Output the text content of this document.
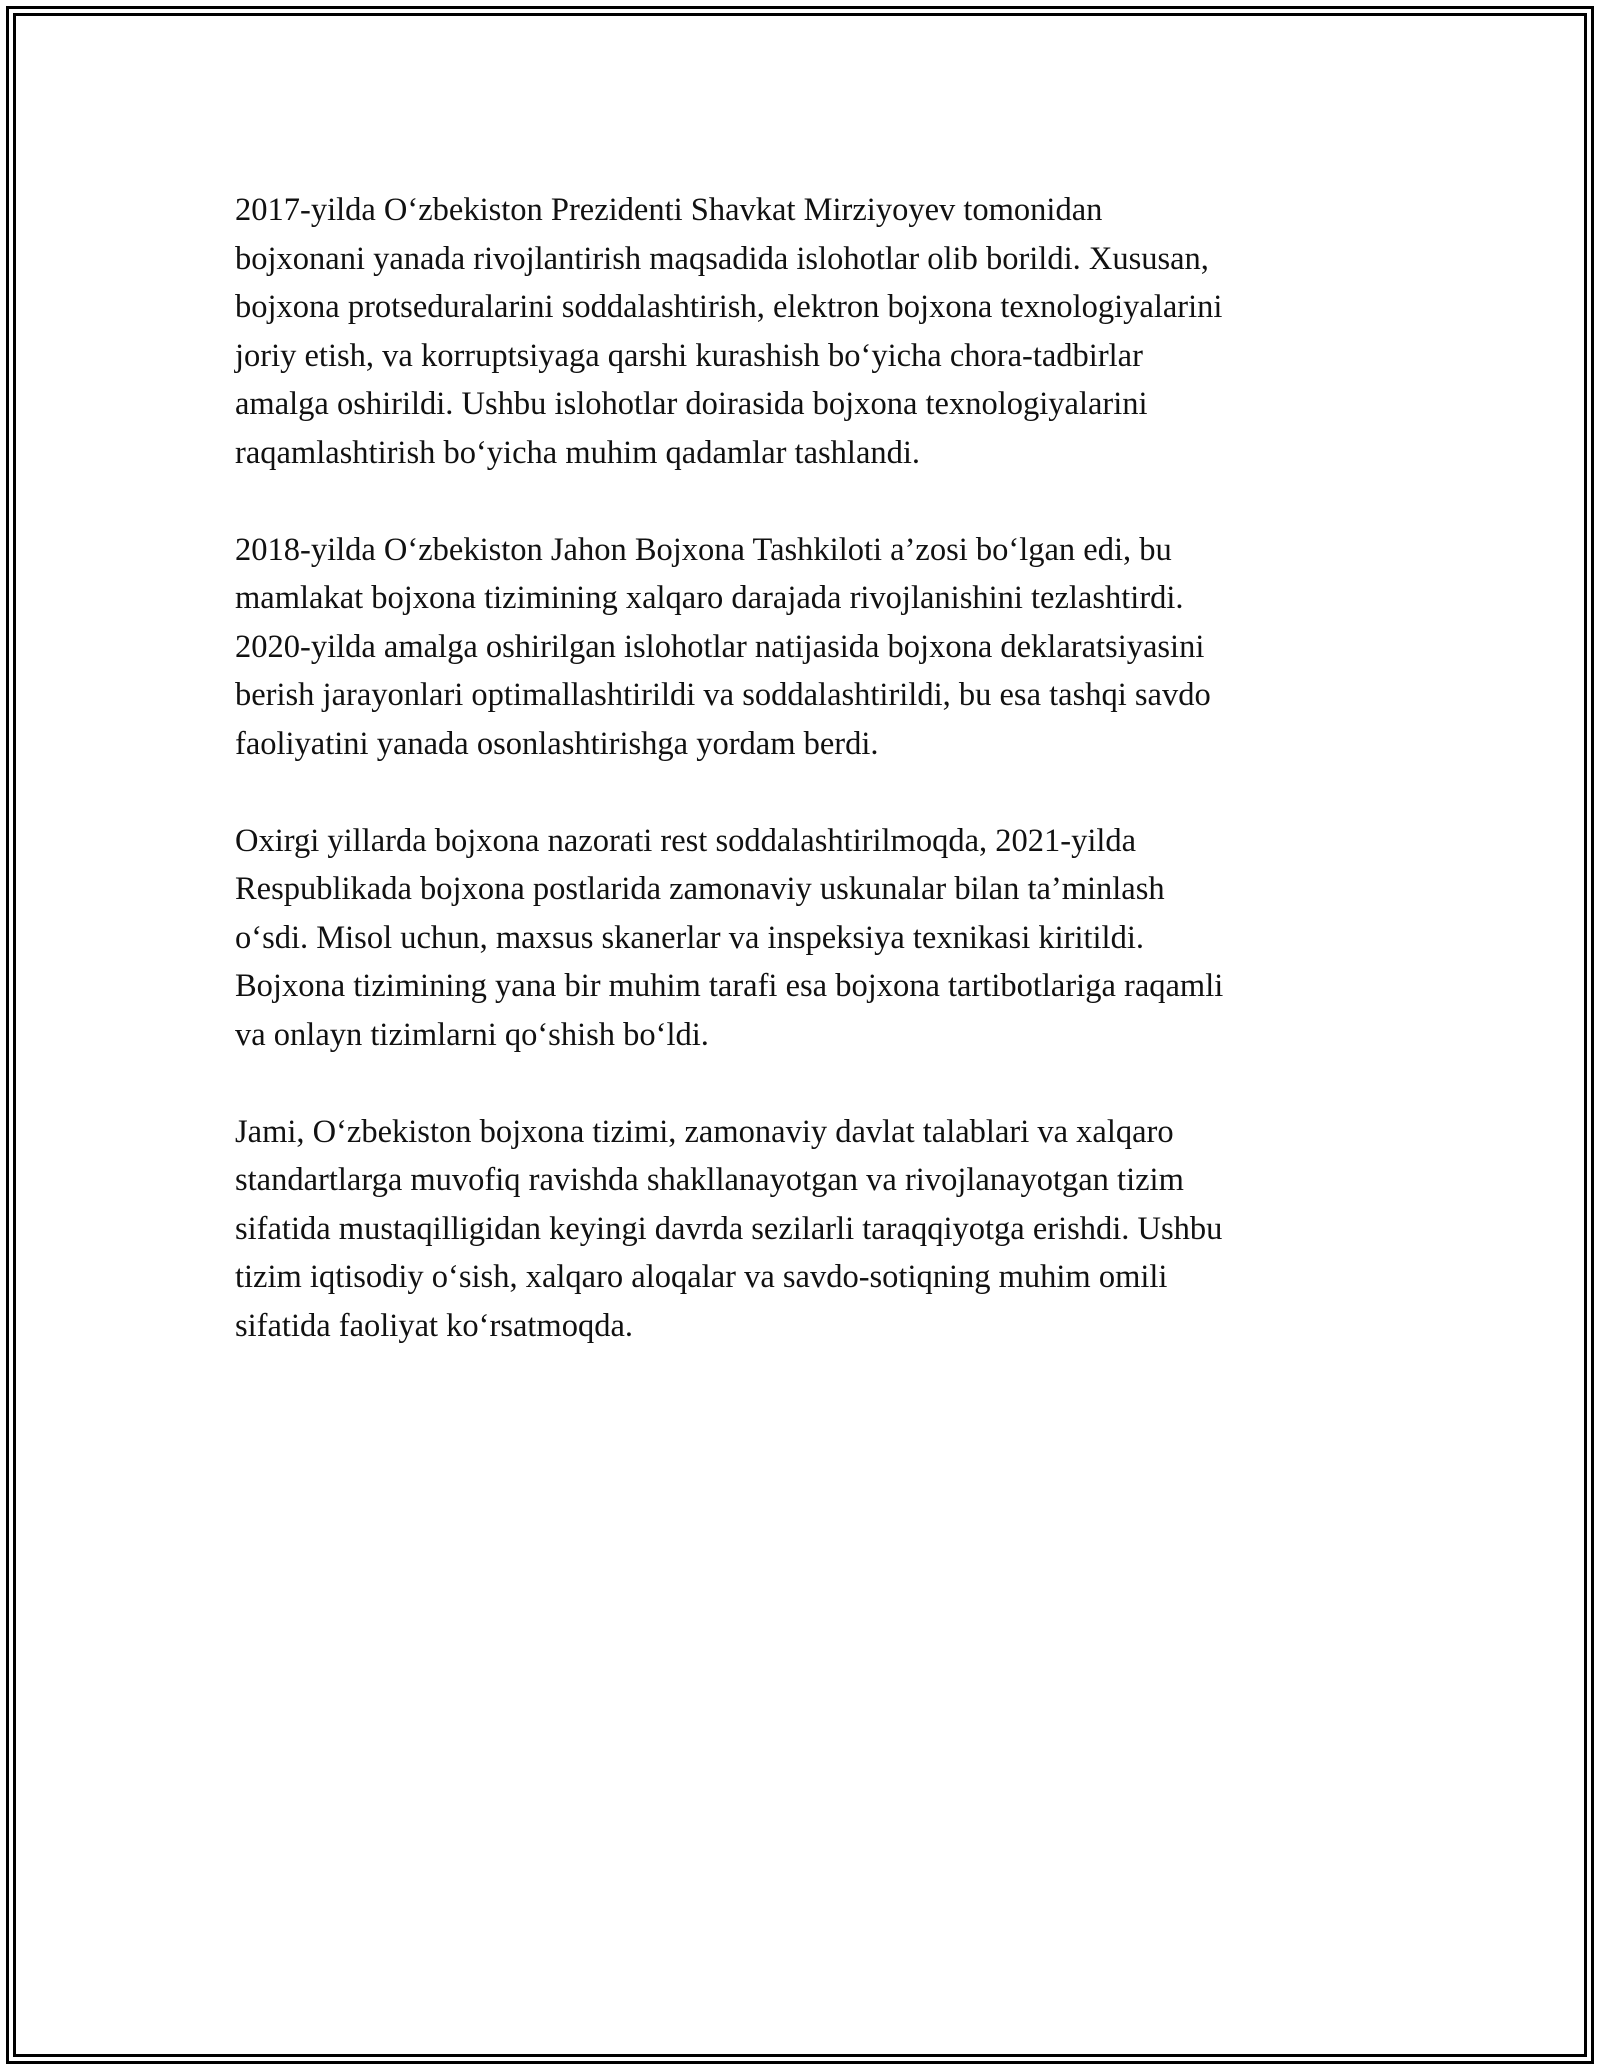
2017-yilda O‘zbekiston Prezidenti Shavkat Mirziyoyev tomonidan
bojxonani yanada rivojlantirish maqsadida islohotlar olib borildi. Xususan,
bojxona protseduralarini soddalashtirish, elektron bojxona texnologiyalarini
joriy etish, va korruptsiyaga qarshi kurashish bo‘yicha chora-tadbirlar
amalga oshirildi. Ushbu islohotlar doirasida bojxona texnologiyalarini
raqamlashtirish bo‘yicha muhim qadamlar tashlandi.

2018-yilda O‘zbekiston Jahon Bojxona Tashkiloti a’zosi bo‘lgan edi, bu
mamlakat bojxona tizimining xalqaro darajada rivojlanishini tezlashtirdi.
2020-yilda amalga oshirilgan islohotlar natijasida bojxona deklaratsiyasini
berish jarayonlari optimallashtirildi va soddalashtirildi, bu esa tashqi savdo
faoliyatini yanada osonlashtirishga yordam berdi.

Oxirgi yillarda bojxona nazorati rest soddalashtirilmoqda, 2021-yilda
Respublikada bojxona postlarida zamonaviy uskunalar bilan ta’minlash
o‘sdi. Misol uchun, maxsus skanerlar va inspeksiya texnikasi kiritildi.
Bojxona tizimining yana bir muhim tarafi esa bojxona tartibotlariga raqamli
va onlayn tizimlarni qo‘shish bo‘ldi.

Jami, O‘zbekiston bojxona tizimi, zamonaviy davlat talablari va xalqaro
standartlarga muvofiq ravishda shakllanayotgan va rivojlanayotgan tizim
sifatida mustaqilligidan keyingi davrda sezilarli taraqqiyotga erishdi. Ushbu
tizim iqtisodiy o‘sish, xalqaro aloqalar va savdo-sotiqning muhim omili
sifatida faoliyat ko‘rsatmoqda.
